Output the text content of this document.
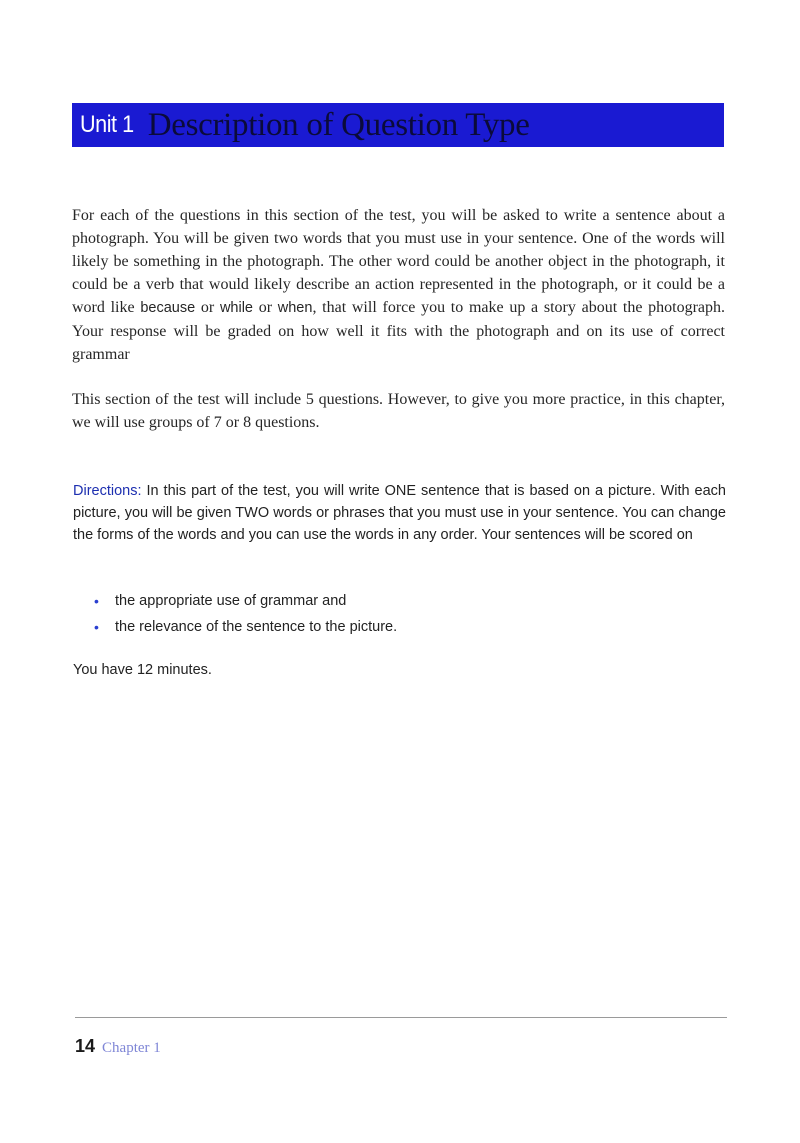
Unit 1 Description of Question Type

For each of the questions in this section of the test, you will be asked to write a sentence about a photograph. You will be given two words that you must use in your sentence. One of the words will likely be something in the photograph. The other word could be another object in the photograph, it could be a verb that would likely describe an action represented in the photograph, or it could be a word like because or while or when, that will force you to make up a story about the photograph. Your response will be graded on how well it fits with the photograph and on its use of correct grammar

This section of the test will include 5 questions. However, to give you more practice, in this chapter, we will use groups of 7 or 8 questions.

Directions: In this part of the test, you will write ONE sentence that is based on a picture. With each picture, you will be given TWO words or phrases that you must use in your sentence. You can change the forms of the words and you can use the words in any order. Your sentences will be scored on

•	the appropriate use of grammar and
•	the relevance of the sentence to the picture.

You have 12 minutes.

14 Chapter 1
